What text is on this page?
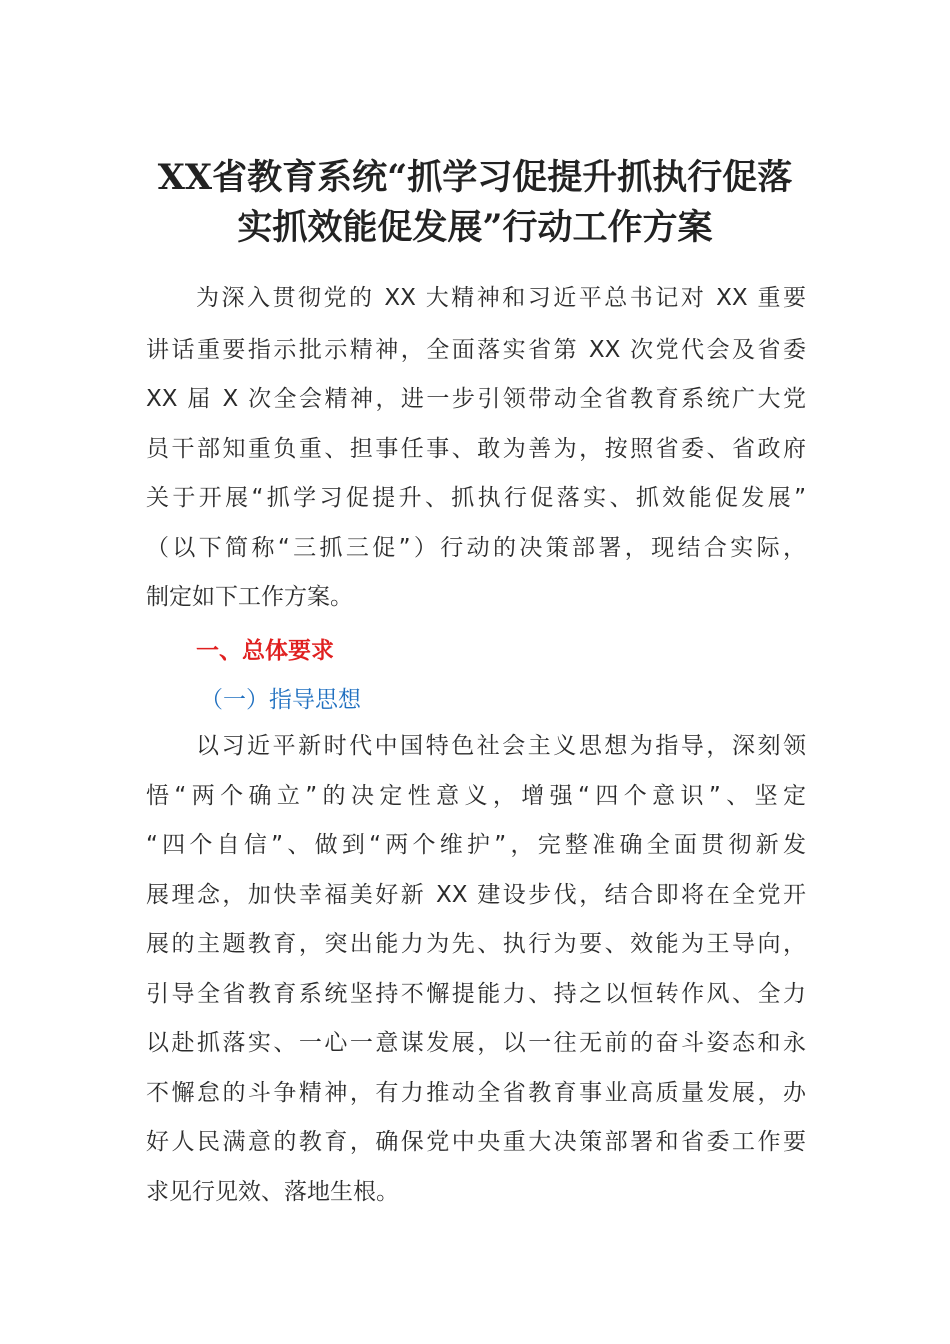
XX省教育系统“抓学习促提升抓执行促落
实抓效能促发展”行动工作方案
为深入贯彻党的 XX 大精神和习近平总书记对 XX 重要
讲话重要指示批示精神，全面落实省第 XX 次党代会及省委
XX 届 X 次全会精神，进一步引领带动全省教育系统广大党
员干部知重负重、担事任事、敢为善为，按照省委、省政府
关于开展“抓学习促提升、抓执行促落实、抓效能促发展”
（以下简称“三抓三促”）行动的决策部署，现结合实际，
制定如下工作方案。
一、总体要求
（一）指导思想
以习近平新时代中国特色社会主义思想为指导，深刻领
悟“两个确立”的决定性意义，增强“四个意识”、坚定
“四个自信”、做到“两个维护”，完整准确全面贯彻新发
展理念，加快幸福美好新 XX 建设步伐，结合即将在全党开
展的主题教育，突出能力为先、执行为要、效能为王导向，
引导全省教育系统坚持不懈提能力、持之以恒转作风、全力
以赴抓落实、一心一意谋发展，以一往无前的奋斗姿态和永
不懈怠的斗争精神，有力推动全省教育事业高质量发展，办
好人民满意的教育，确保党中央重大决策部署和省委工作要
求见行见效、落地生根。
